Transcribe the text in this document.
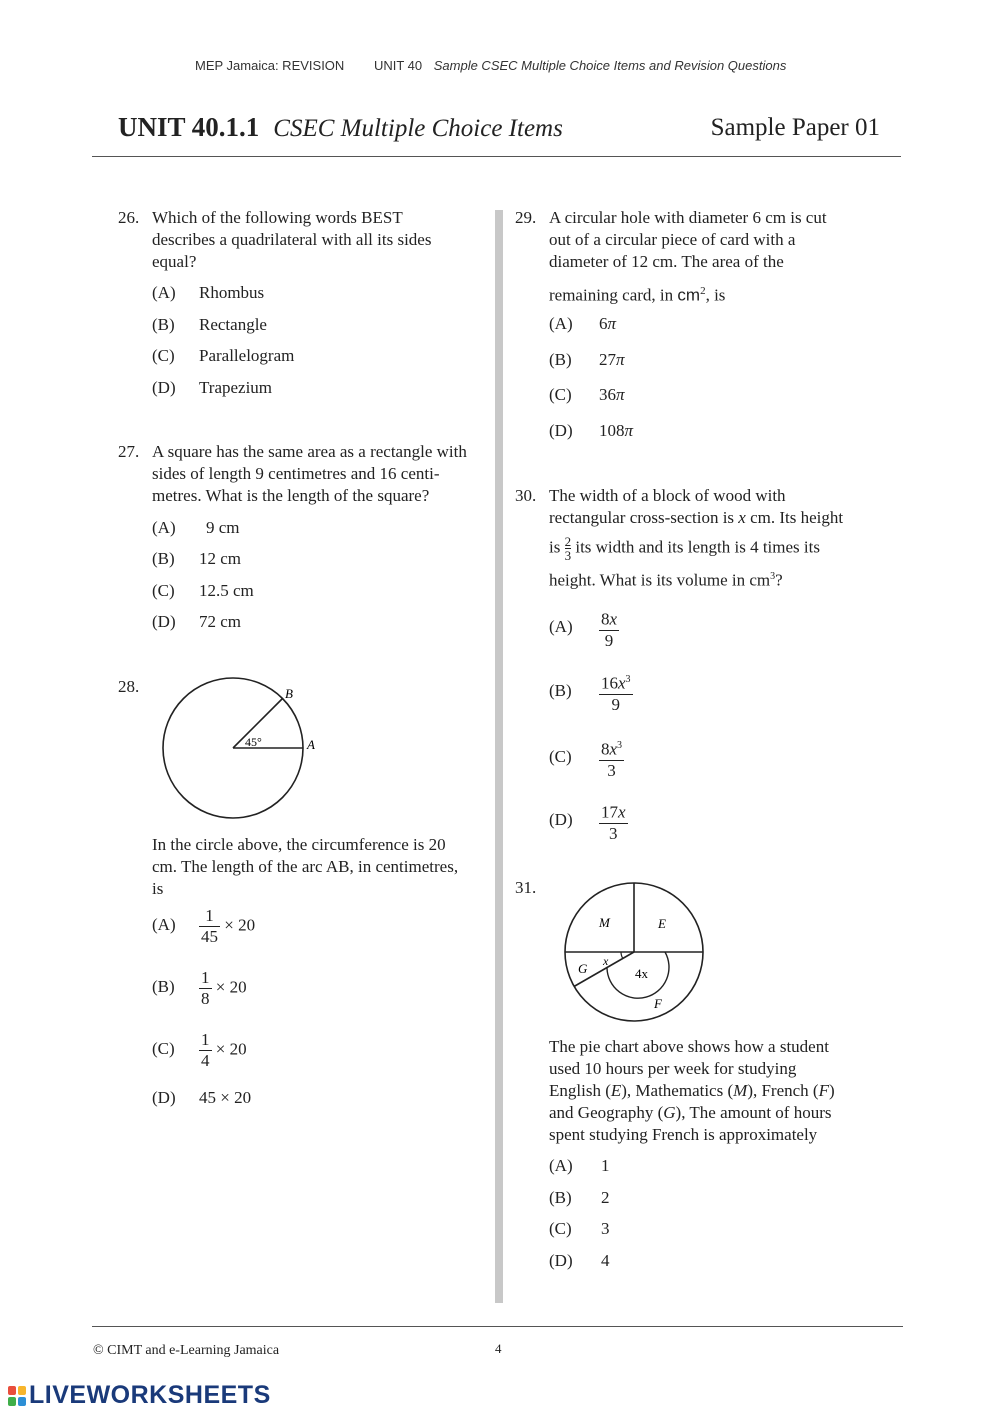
MEP Jamaica: REVISION UNIT 40 Sample CSEC Multiple Choice Items and Revision Questions
UNIT 40.1.1 CSEC Multiple Choice Items	Sample Paper 01
26. Which of the following words BEST
describes a quadrilateral with all its sides
equal?
(A) Rhombus
(B) Rectangle
(C) Parallelogram
(D) Trapezium
27. A square has the same area as a rectangle with
sides of length 9 centimetres and 16 centi-
metres. What is the length of the square?
(A) 9 cm
(B) 12 cm
(C) 12.5 cm
(D) 72 cm
28.
45°
B
A
In the circle above, the circumference is 20
cm. The length of the arc AB, in centimetres,
is
$(A) \frac{1}{45} \times 20$
$(B) \frac{1}{8} \times 20$
$(C) \frac{1}{4} \times 20$
(D) 45 × 20
29. A circular hole with diameter 6 cm is cut
out of a circular piece of card with a
diameter of 12 cm. The area of the
remaining card, in $cm^2$, is
(A) 6π
(B) 27π
(C) 36π
(D) 108π
30. The width of a block of wood with
rectangular cross-section is x cm. Its height
is $\frac{2}{3}$ its width and its length is 4 times its
height. What is its volume in $cm^3$?
$(A) \frac{8x}{9}$
$(B) \frac{16x^3}{9}$
$(C) \frac{8x^3}{3}$
$(D) \frac{17x}{3}$
31.
M	E
G x
4x
F
The pie chart above shows how a student
used 10 hours per week for studying
English (E), Mathematics (M), French (F)
and Geography (G), The amount of hours
spent studying French is approximately
(A) 1
(B) 2
(C) 3
(D) 4
© CIMT and e-Learning Jamaica	4
LIVEWORKSHEETS
